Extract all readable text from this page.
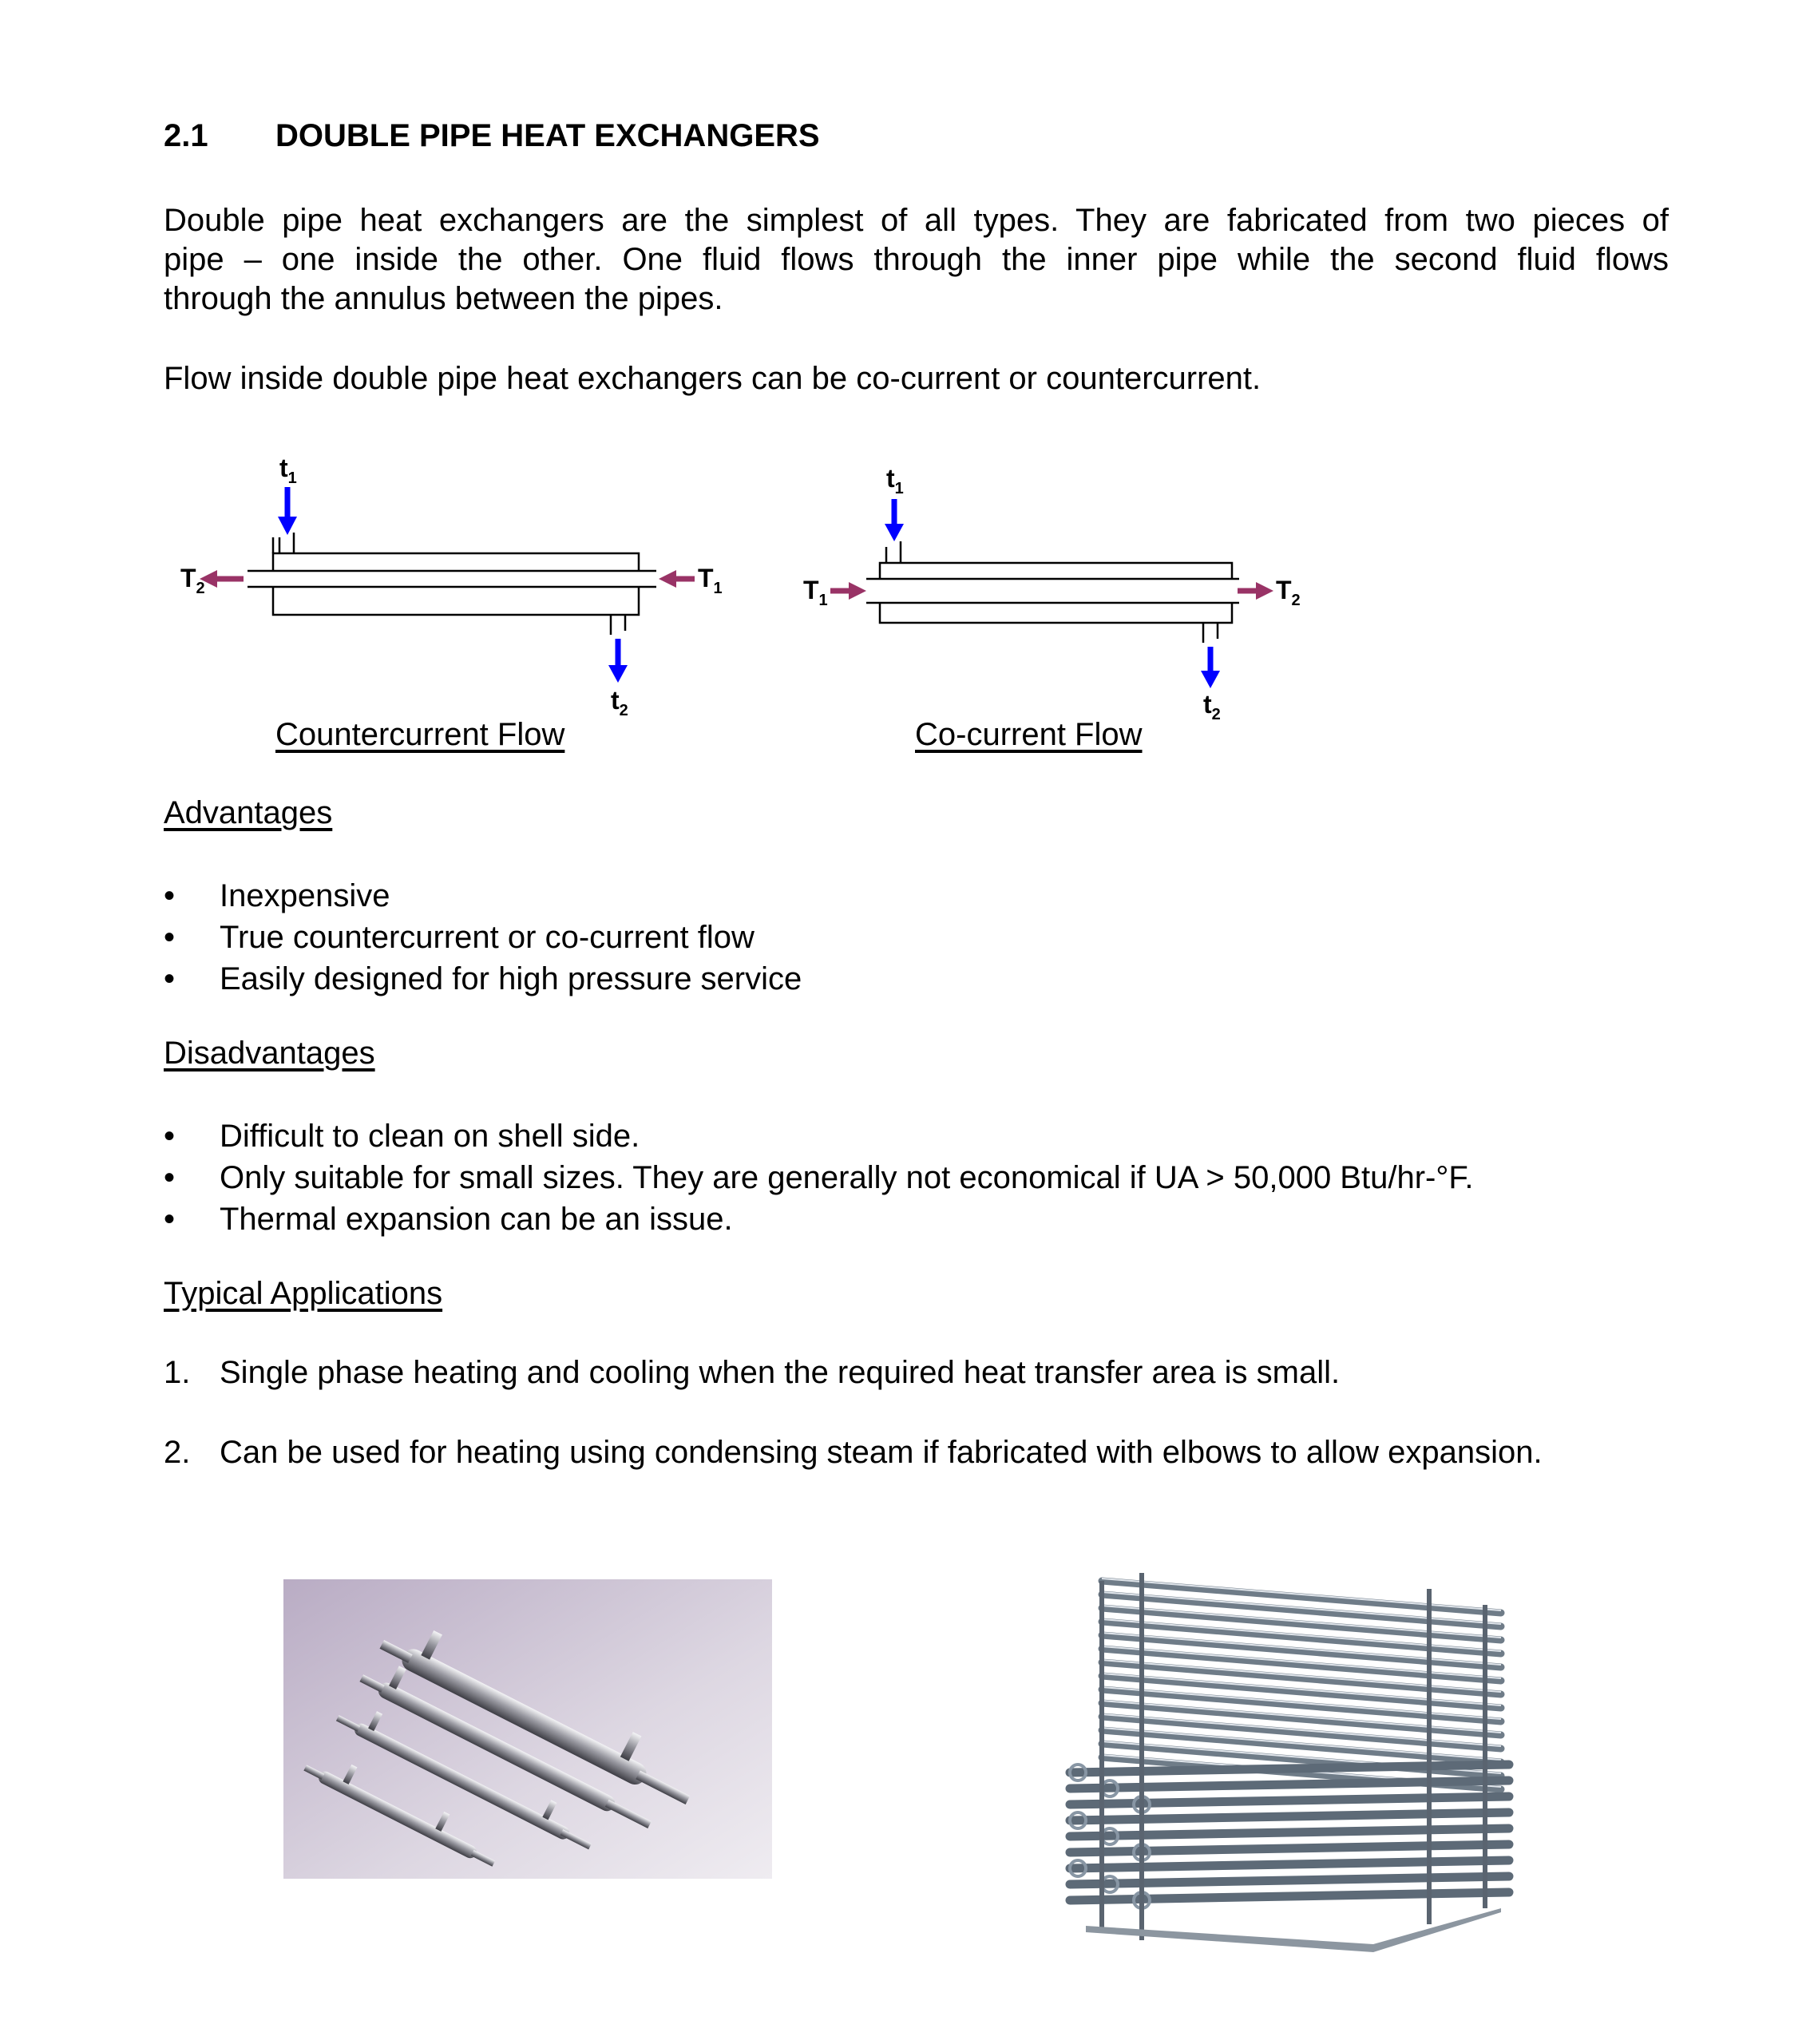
2.1 DOUBLE PIPE HEAT EXCHANGERS
Double pipe heat exchangers are the simplest of all types. They are fabricated from two pieces of
pipe – one inside the other. One fluid flows through the inner pipe while the second fluid flows
through the annulus between the pipes.
Flow inside double pipe heat exchangers can be co-current or countercurrent.
$t_1$
$t_2$
$T_2$	$T_1$
Countercurrent Flow
$t_1$
$t_2$
$T_1$	$T_2$
Co-current Flow
Advantages
• Inexpensive
• True countercurrent or co-current flow
• Easily designed for high pressure service
Disadvantages
• Difficult to clean on shell side.
• Only suitable for small sizes. They are generally not economical if UA > 50,000 Btu/hr-°F.
• Thermal expansion can be an issue.
Typical Applications
1. Single phase heating and cooling when the required heat transfer area is small.
2. Can be used for heating using condensing steam if fabricated with elbows to allow expansion.
